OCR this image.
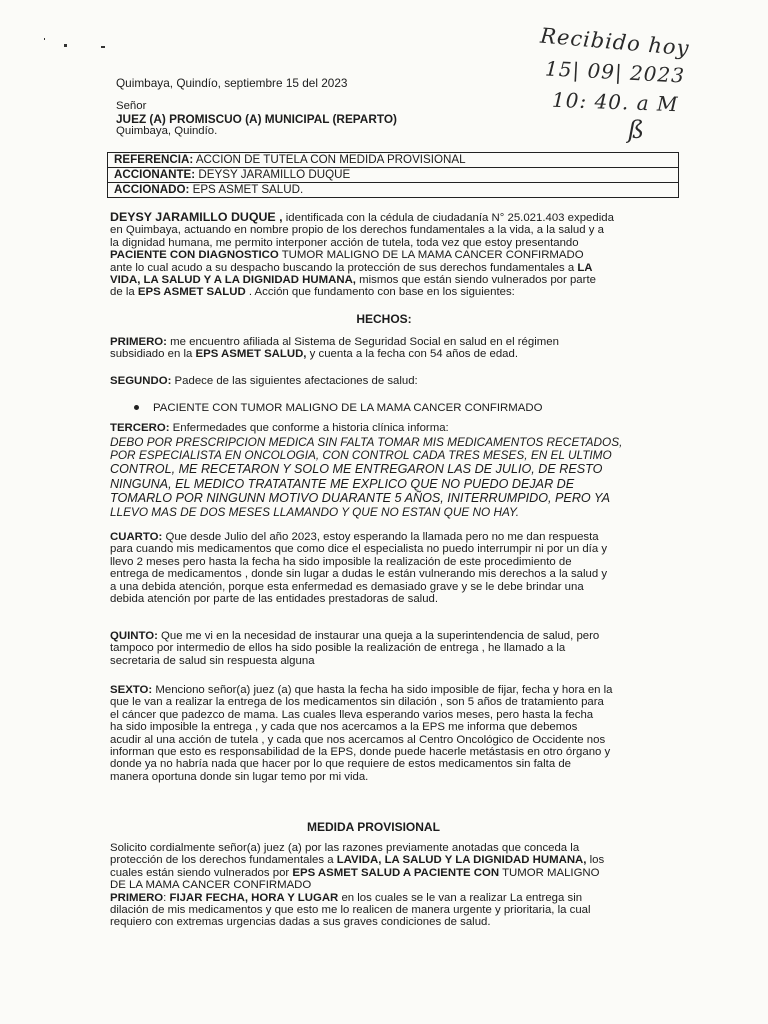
Recibido hoy
15| 09| 2023
10: 40. a M
ß
Quimbaya, Quindío, septiembre 15 del 2023
Señor
JUEZ (A) PROMISCUO (A) MUNICIPAL (REPARTO)
Quimbaya, Quindío.
REFERENCIA: ACCION DE TUTELA CON MEDIDA PROVISIONAL
ACCIONANTE: DEYSY JARAMILLO DUQUE
ACCIONADO: EPS ASMET SALUD.
DEYSY JARAMILLO DUQUE , identificada con la cédula de ciudadanía N° 25.021.403 expedida
en Quimbaya, actuando en nombre propio de los derechos fundamentales a la vida, a la salud y a
la dignidad humana, me permito interponer acción de tutela, toda vez que estoy presentando
PACIENTE CON DIAGNOSTICO TUMOR MALIGNO DE LA MAMA CANCER CONFIRMADO
ante lo cual acudo a su despacho buscando la protección de sus derechos fundamentales a LA
VIDA, LA SALUD Y A LA DIGNIDAD HUMANA, mismos que están siendo vulnerados por parte
de la EPS ASMET SALUD . Acción que fundamento con base en los siguientes:
HECHOS:
PRIMERO: me encuentro afiliada al Sistema de Seguridad Social en salud en el régimen
subsidiado en la EPS ASMET SALUD, y cuenta a la fecha con 54 años de edad.
SEGUNDO: Padece de las siguientes afectaciones de salud:
PACIENTE CON TUMOR MALIGNO DE LA MAMA CANCER CONFIRMADO
TERCERO: Enfermedades que conforme a historia clínica informa:
DEBO POR PRESCRIPCION MEDICA SIN FALTA TOMAR MIS MEDICAMENTOS RECETADOS,
POR ESPECIALISTA EN ONCOLOGIA, CON CONTROL CADA TRES MESES, EN EL ULTIMO
CONTROL, ME RECETARON Y SOLO ME ENTREGARON LAS DE JULIO, DE RESTO
NINGUNA, EL MEDICO TRATATANTE ME EXPLICO QUE NO PUEDO DEJAR DE
TOMARLO POR NINGUNN MOTIVO DUARANTE 5 AÑOS, INITERRUMPIDO, PERO YA
LLEVO MAS DE DOS MESES LLAMANDO Y QUE NO ESTAN QUE NO HAY.
CUARTO: Que desde Julio del año 2023, estoy esperando la llamada pero no me dan respuesta
para cuando mis medicamentos que como dice el especialista no puedo interrumpir ni por un día y
llevo 2 meses pero hasta la fecha ha sido imposible la realización de este procedimiento de
entrega de medicamentos , donde sin lugar a dudas le están vulnerando mis derechos a la salud y
a una debida atención, porque esta enfermedad es demasiado grave y se le debe brindar una
debida atención por parte de las entidades prestadoras de salud.
QUINTO: Que me vi en la necesidad de instaurar una queja a la superintendencia de salud, pero
tampoco por intermedio de ellos ha sido posible la realización de entrega , he llamado a la
secretaria de salud sin respuesta alguna
SEXTO: Menciono señor(a) juez (a) que hasta la fecha ha sido imposible de fijar, fecha y hora en la
que le van a realizar la entrega de los medicamentos sin dilación , son 5 años de tratamiento para
el cáncer que padezco de mama. Las cuales lleva esperando varios meses, pero hasta la fecha
ha sido imposible la entrega , y cada que nos acercamos a la EPS me informa que debemos
acudir al una acción de tutela , y cada que nos acercamos al Centro Oncológico de Occidente nos
informan que esto es responsabilidad de la EPS, donde puede hacerle metástasis en otro órgano y
donde ya no habría nada que hacer por lo que requiere de estos medicamentos sin falta de
manera oportuna donde sin lugar temo por mi vida.
MEDIDA PROVISIONAL
Solicito cordialmente señor(a) juez (a) por las razones previamente anotadas que conceda la
protección de los derechos fundamentales a LAVIDA, LA SALUD Y LA DIGNIDAD HUMANA, los
cuales están siendo vulnerados por EPS ASMET SALUD A PACIENTE CON TUMOR MALIGNO
DE LA MAMA CANCER CONFIRMADO
PRIMERO: FIJAR FECHA, HORA Y LUGAR en los cuales se le van a realizar La entrega sin
dilación de mis medicamentos y que esto me lo realicen de manera urgente y prioritaria, la cual
requiero con extremas urgencias dadas a sus graves condiciones de salud.
